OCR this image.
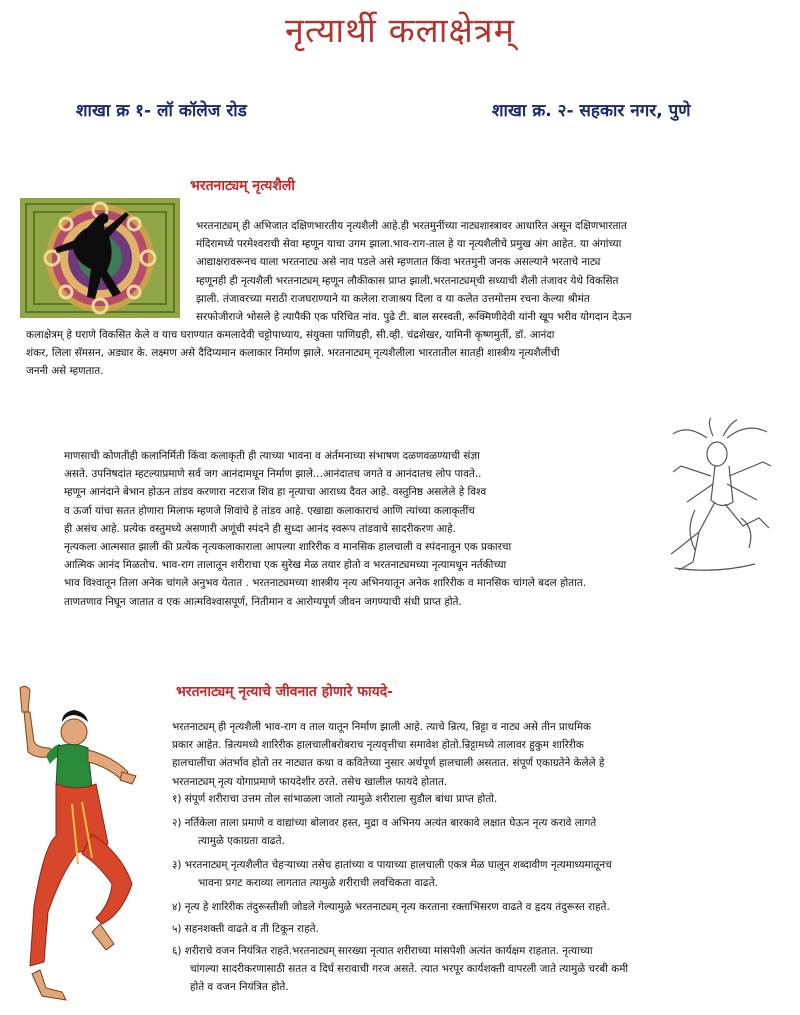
नृत्यार्थी कलाक्षेत्रम्
शाखा क्र १- लॉ कॉलेज रोड	शाखा क्र. २- सहकार नगर, पुणे
भरतनाट्यम् नृत्यशैली
भरतनाट्यम् ही अभिजात दक्षिणभारतीय नृत्यशैली आहे.ही भरतमुनींच्या नाट्यशास्त्रावर आधारित असून दक्षिणभारतात
मंदिरामध्ये परमेश्वराची सेवा म्हणून याचा उगम झाला.भाव-राग-ताल हे या नृत्यशैलीचे प्रमुख अंग आहेत. या अंगांच्या
आद्याक्षरावरूनच याला भरतनाट्य असे नाव पडले असे म्हणतात किंवा भरतमुनी जनक असल्याने भरताचे नाट्य
म्हणूनही ही नृत्यशैली भरतनाट्यम् म्हणून लौकीकास प्राप्त झाली.भरतनाट्यम्‌ची सध्याची शैली तंजावर येथे विकसित
झाली. तंजावरच्या मराठी राजघराण्याने या कलेला राजाश्रय दिला व या कलेत उत्तमोत्तम रचना केल्या श्रीमंत
सरफोजीराजे भोसले हे त्यापैकी एक परिचित नांव. पुढे टी. बाल सरस्वती, रूक्मिणीदेवी यांनी खूप भरीव योगदान देऊन
कलाक्षेत्रम् हे घराणे विकसित केले व याच घराण्यात कमलादेवी चट्टोपाध्याय, संयुक्ता पाणिग्रही, सी.व्ही. चंद्रशेखर, यामिनी कृष्णमुर्ती, डॉ. आनंदा
शंकर, लिला सॅमसन, अड्यार के. लक्ष्मण असे दैदिप्यमान कलाकार निर्माण झाले. भरतनाट्यम् नृत्यशैलीला भारतातील सातही शास्त्रीय नृत्यशैलींची
जननी असे म्हणतात.
माणसाची कोणतीही कलानिर्मिती किंवा कलाकृती ही त्याच्या भावना व अंर्तमनाच्या संभाषण दळणवळण्याची संज्ञा
असते. उपनिषदांत म्हटल्याप्रमाणे सर्व जग आनंदामधून निर्माण झाले...आनंदातच जगते व आनंदातच लोप पावते..
म्हणून आनंदाने बेभान होऊन तांडव करणारा नटराज शिव हा नृत्याचा आराध्य दैवत आहे. वस्तुनिष्ठ असलेले हे विश्व
व ऊर्जा यांचा सतत होणारा मिलाफ म्हणजे शिवांचे हे तांडव आहे. एखाद्या कलाकाराचं आणि त्यांच्या कलाकृतींच
ही असंच आहे. प्रत्येक वस्तुमध्ये असणारी अणूंची स्पंदने ही सुध्दा आनंद स्वरूप तांडवाचे सादरीकरण आहे.
नृत्यकला आत्मसात झाली की प्रत्येक नृत्यकलाकाराला आपल्या शारिरीक व मानसिक हालचाली व स्पंदनातून एक प्रकारचा
आत्मिक आनंद मिळतोच. भाव-राग तालातून शरीराचा एक सुरेख मेळ तयार होतो व भरतनाट्यमच्या नृत्यामधून नर्तकीच्या
भाव विश्वातून तिला अनेक चांगले अनुभव येतात . भरतनाट्यमच्या शास्त्रीय नृत्य अभिनयातून अनेक शारिरीक व मानसिक चांगले बदल होतात.
ताणतणाव निघून जातात व एक आत्मविश्वासपूर्ण, नितीमान व आरोग्यपूर्ण जीवन जगण्याची संधी प्राप्त होते.
भरतनाट्यम् नृत्याचे जीवनात होणारे फायदे-
भरतनाट्यम् ही नृत्यशैली भाव-राग व ताल यातून निर्माण झाली आहे. त्याचे न्रित्य, न्रिट्टा व नाट्य असे तीन प्राथमिक
प्रकार आहेत. न्रित्यमध्ये शारिरीक हालचालीबरोबराच नृत्यवृत्तीचा समावेश होतो.न्रिट्टामध्ये तालावर हुकुम शारिरीक
हालचालींचा अंतर्भाव होतो तर नाट्यात कथा व कवितेच्या नुसार अर्थपूर्ण हालचाली असतात. संपूर्ण एकाग्रतेने केलेले हे
भरतनाट्यम् नृत्य योगाप्रमाणे फायदेशीर ठरते. तसेच खालील फायदे होतात.
१) संपूर्ण शरीराचा उत्तम तोल सांभाळला जातो त्यामुळे शरीराला सुडौल बांधा प्राप्त होतो.
२) नर्तिकेला ताला प्रमाणे व वाद्यांच्या बोलावर हस्त, मुद्रा व अभिनय अत्यंत बारकावे लक्षात घेऊन नृत्य करावे लागते
त्यामुळे एकाग्रता वाढते.
३) भरतनाट्यम् नृत्यशैलीत चेहऱ्याच्या तसेच हातांच्या व पायाच्या हालचाली एकत्र मेळ घालून शब्दावीण नृत्यमाध्यमातूनच
भावना प्रगट कराव्या लागतात त्यामुळे शरीराची लवचिकता वाढते.
४) नृत्य हे शारिरीक तंदुरूस्तीशी जोडले गेल्यामुळे भरतनाट्यम् नृत्य करताना रक्ताभिसरण वाढते व हृदय तंदुरूस्त राहते.
५) सहनशक्ती वाढते व ती टिकून राहते.
६) शरीराचे वजन नियंत्रित राहते.भरतनाट्यम् सारख्या नृत्यात शरीराच्या मांसपेशी अत्यंत कार्यक्षम राहतात. नृत्याच्या
चांगल्या सादरीकरणासाठी सतत व दिर्घ सरावाची गरज असते. त्यात भरपूर कार्यशक्ती वापरली जाते त्यामुळे चरबी कमी
होते व वजन नियंत्रित होते.
